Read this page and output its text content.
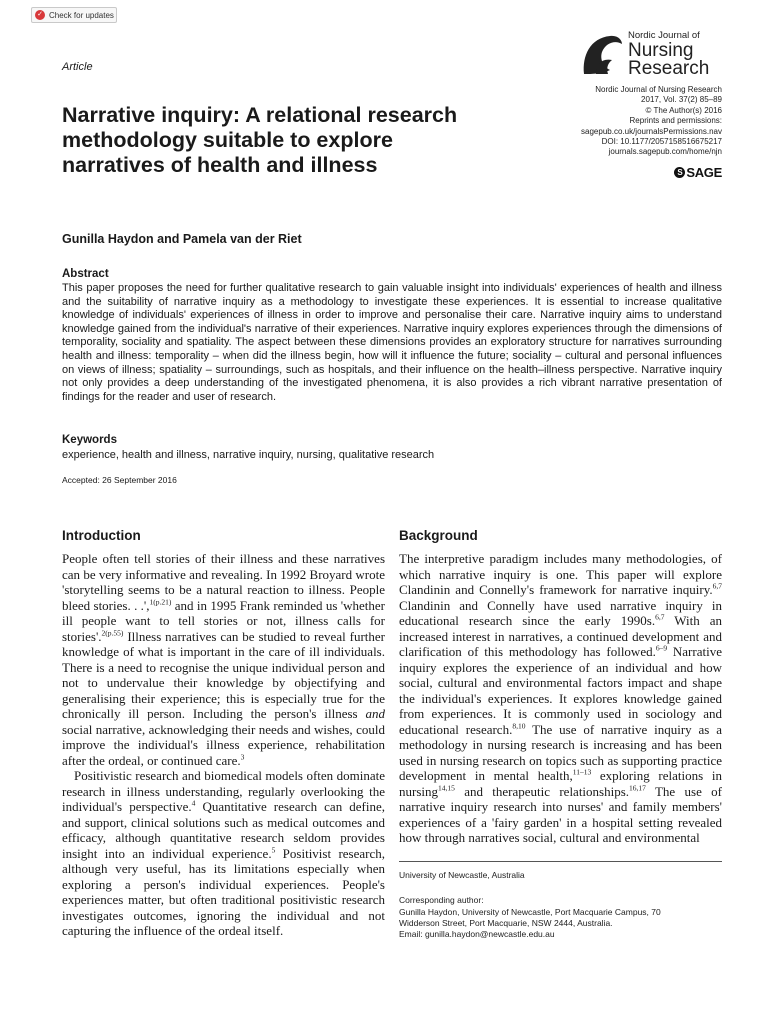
✓ Check for updates
Article
Nordic Journal of
Nursing
Research
Nordic Journal of Nursing Research
2017, Vol. 37(2) 85–89
© The Author(s) 2016
Reprints and permissions:
sagepub.co.uk/journalsPermissions.nav
DOI: 10.1177/2057158516675217
journals.sagepub.com/home/njn
S SAGE
Narrative inquiry: A relational research
methodology suitable to explore
narratives of health and illness
Gunilla Haydon and Pamela van der Riet
Abstract
This paper proposes the need for further qualitative research to gain valuable insight into individuals' experiences of health and illness and the suitability of narrative inquiry as a methodology to investigate these experiences. It is essential to increase qualitative knowledge of individuals' experiences of illness in order to improve and personalise their care. Narrative inquiry aims to understand knowledge gained from the individual's narrative of their experiences. Narrative inquiry explores experiences through the dimensions of temporality, sociality and spatiality. The aspect between these dimensions provides an exploratory structure for narratives surrounding health and illness: temporality – when did the illness begin, how will it influence the future; sociality – cultural and personal influences on views of illness; spatiality – surroundings, such as hospitals, and their influence on the health–illness perspective. Narrative inquiry not only provides a deep understanding of the investigated phenomena, it is also provides a rich vibrant narrative presentation of findings for the reader and user of research.
Keywords
experience, health and illness, narrative inquiry, nursing, qualitative research
Accepted: 26 September 2016
Introduction

People often tell stories of their illness and these narratives can be very informative and revealing. In 1992 Broyard wrote 'storytelling seems to be a natural reaction to illness. People bleed stories. . .',$^{1(p.21)}$ and in 1995 Frank reminded us 'whether ill people want to tell stories or not, illness calls for stories'.$^{2(p.55)}$ Illness narratives can be studied to reveal further knowledge of what is important in the care of ill individuals. There is a need to recognise the unique individual person and not to undervalue their knowledge by objectifying and generalising their experience; this is especially true for the chronically ill person. Including the person's illness and social narrative, acknowledging their needs and wishes, could improve the individual's illness experience, rehabilitation after the ordeal, or continued care.$^3$

Positivistic research and biomedical models often dominate research in illness understanding, regularly overlooking the individual's perspective.$^4$ Quantitative research can define, and support, clinical solutions such as medical outcomes and efficacy, although quantitative research seldom provides insight into an individual experience.$^5$ Positivist research, although very useful, has its limitations especially when exploring a person's individual experiences. People's experiences matter, but often traditional positivistic research investigates outcomes, ignoring the individual and not capturing the influence of the ordeal itself.

Background

The interpretive paradigm includes many methodologies, of which narrative inquiry is one. This paper will explore Clandinin and Connelly's framework for narrative inquiry.$^{6,7}$ Clandinin and Connelly have used narrative inquiry in educational research since the early 1990s.$^{6,7}$ With an increased interest in narratives, a continued development and clarification of this methodology has followed.$^{6-9}$ Narrative inquiry explores the experience of an individual and how social, cultural and environmental factors impact and shape the individual's experiences. It explores knowledge gained from experiences. It is commonly used in sociology and educational research.$^{8,10}$ The use of narrative inquiry as a methodology in nursing research is increasing and has been used in nursing research on topics such as supporting practice development in mental health,$^{11-13}$ exploring relations in nursing$^{14,15}$ and therapeutic relationships.$^{16,17}$ The use of narrative inquiry research into nurses' and family members' experiences of a 'fairy garden' in a hospital setting revealed how through narratives social, cultural and environmental

University of Newcastle, Australia
Corresponding author:
Gunilla Haydon, University of Newcastle, Port Macquarie Campus, 70
Widderson Street, Port Macquarie, NSW 2444, Australia.
Email: gunilla.haydon@newcastle.edu.au
